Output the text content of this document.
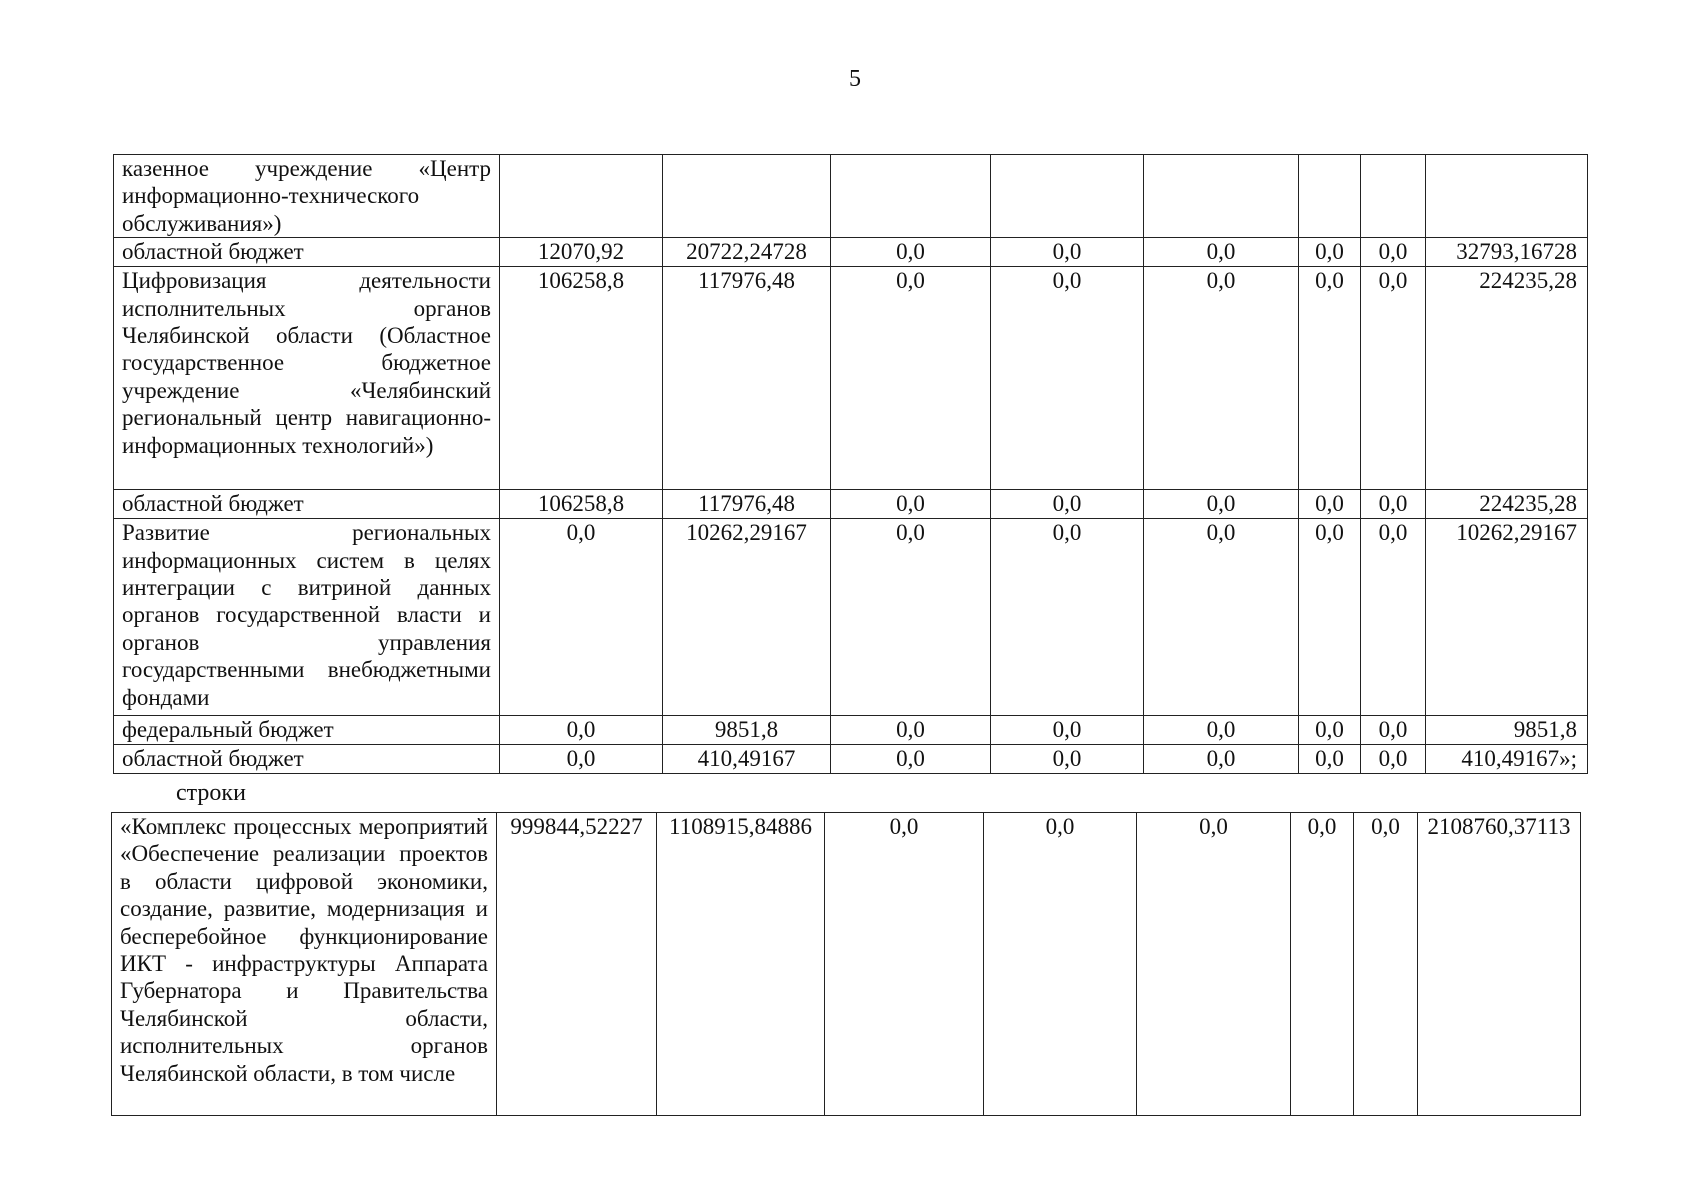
5
казенное учреждение «Центр информационно-технического обслуживания»)								
областной бюджет	12070,92	20722,24728	0,0	0,0	0,0	0,0	0,0	32793,16728
Цифровизация деятельности исполнительных органов Челябинской области (Областное государственное бюджетное учреждение «Челябинский региональный центр навигационно-информационных технологий»)	106258,8	117976,48	0,0	0,0	0,0	0,0	0,0	224235,28
областной бюджет	106258,8	117976,48	0,0	0,0	0,0	0,0	0,0	224235,28
Развитие региональных информационных систем в целях интеграции с витриной данных органов государственной власти и органов управления государственными внебюджетными фондами	0,0	10262,29167	0,0	0,0	0,0	0,0	0,0	10262,29167
федеральный бюджет	0,0	9851,8	0,0	0,0	0,0	0,0	0,0	9851,8
областной бюджет	0,0	410,49167	0,0	0,0	0,0	0,0	0,0	410,49167»;
строки
«Комплекс процессных мероприятий «Обеспечение реализации проектов в области цифровой экономики, создание, развитие, модернизация и бесперебойное функционирование ИКТ - инфраструктуры Аппарата Губернатора и Правительства Челябинской области, исполнительных органов Челябинской области, в том числе	999844,52227	1108915,84886	0,0	0,0	0,0	0,0	0,0	2108760,37113
